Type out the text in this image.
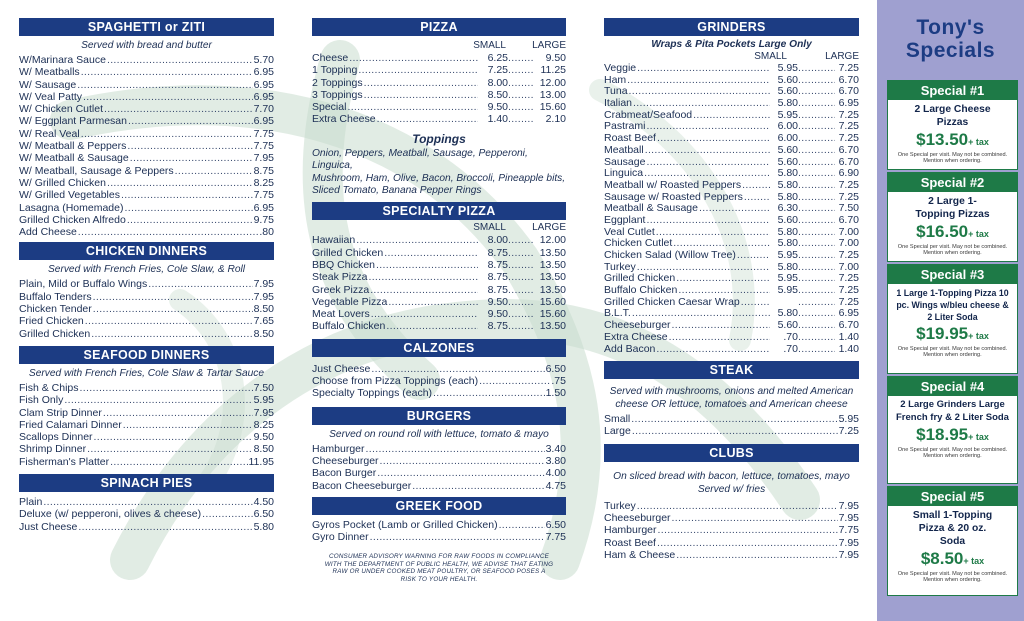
SPAGHETTI or ZITI
Served with bread and butter
W/Marinara Sauce . . .	5.70
W/ Meatballs . . .	6.95
W/ Sausage . . .	6.95
W/ Veal Patty . . .	6.95
W/ Chicken Cutlet . . .	7.70
W/ Eggplant Parmesan . . .	6.95
W/ Real Veal . . .	7.75
W/ Meatball & Peppers . . .	7.75
W/ Meatball & Sausage . . .	7.95
W/ Meatball, Sausage & Peppers . . .	8.75
W/ Grilled Chicken . . .	8.25
W/ Grilled Vegetables . . .	7.75
Lasagna (Homemade) . . .	6.95
Grilled Chicken Alfredo . . .	9.75
Add Cheese . . .	.80
CHICKEN DINNERS
Served with French Fries, Cole Slaw, & Roll
Plain, Mild or Buffalo Wings . . .	7.95
Buffalo Tenders . . .	7.95
Chicken Tender . . .	8.50
Fried Chicken . . .	7.65
Grilled Chicken . . .	8.50
SEAFOOD DINNERS
Served with French Fries, Cole Slaw & Tartar Sauce
Fish & Chips . . .	7.50
Fish Only . . .	5.95
Clam Strip Dinner . . .	7.95
Fried Calamari Dinner . . .	8.25
Scallops Dinner . . .	9.50
Shrimp Dinner . . .	8.50
Fisherman's Platter . . .	11.95
SPINACH PIES
Plain . . .	4.50
Deluxe (w/ pepperoni, olives & cheese) . . .	6.50
Just Cheese . . .	5.80
PIZZA
SMALL	LARGE
Cheese . . .	6.25 . . .	9.50
1 Topping . . .	7.25 . . .	11.25
2 Toppings . . .	8.00 . . .	12.00
3 Toppings . . .	8.50 . . .	13.00
Special . . .	9.50 . . .	15.60
Extra Cheese . . .	1.40 . . .	2.10
Toppings
Onion, Peppers, Meatball, Sausage, Pepperoni, Linguica,
Mushroom, Ham, Olive, Bacon, Broccoli, Pineapple bits,
Sliced Tomato, Banana Pepper Rings
SPECIALTY PIZZA
SMALL	LARGE
Hawaiian . . .	8.00 . . .	12.00
Grilled Chicken . . .	8.75 . . .	13.50
BBQ Chicken . . .	8.75 . . .	13.50
Steak Pizza . . .	8.75 . . .	13.50
Greek Pizza . . .	8.75 . . .	13.50
Vegetable Pizza . . .	9.50 . . .	15.60
Meat Lovers . . .	9.50 . . .	15.60
Buffalo Chicken . . .	8.75 . . .	13.50
CALZONES
Just Cheese . . .	6.50
Choose from Pizza Toppings (each) . . .	.75
Specialty Toppings (each) . . .	1.50
BURGERS
Served on round roll with lettuce, tomato & mayo
Hamburger . . .	3.40
Cheeseburger . . .	3.80
Bacon Burger . . .	4.00
Bacon Cheeseburger . . .	4.75
GREEK FOOD
Gyros Pocket (Lamb or Grilled Chicken) . . .	6.50
Gyro Dinner . . .	7.75
CONSUMER ADVISORY WARNING FOR RAW FOODS IN COMPLIANCE WITH THE DEPARTMENT OF PUBLIC HEALTH, WE ADVISE THAT EATING RAW OR UNDER COOKED MEAT POULTRY, OR SEAFOOD POSES A RISK TO YOUR HEALTH.
GRINDERS
Wraps & Pita Pockets Large Only
SMALL	LARGE
Veggie . . .	5.95 . . .	7.25
Ham . . .	5.60 . . .	6.70
Tuna . . .	5.60 . . .	6.70
Italian . . .	5.80 . . .	6.95
Crabmeat/Seafood . . .	5.95 . . .	7.25
Pastrami . . .	6.00 . . .	7.25
Roast Beef . . .	6.00 . . .	7.25
Meatball . . .	5.60 . . .	6.70
Sausage . . .	5.60 . . .	6.70
Linguica . . .	5.80 . . .	6.90
Meatball w/ Roasted Peppers . . .	5.80 . . .	7.25
Sausage w/ Roasted Peppers . . .	5.80 . . .	7.25
Meatball & Sausage . . .	6.30 . . .	7.50
Eggplant . . .	5.60 . . .	6.70
Veal Cutlet . . .	5.80 . . .	7.00
Chicken Cutlet . . .	5.80 . . .	7.00
Chicken Salad (Willow Tree) . . .	5.95 . . .	7.25
Turkey . . .	5.80 . . .	7.00
Grilled Chicken . . .	5.95 . . .	7.25
Buffalo Chicken . . .	5.95 . . .	7.25
Grilled Chicken Caesar Wrap . . . . . .	7.25
B.L.T. . . .	5.80 . . .	6.95
Cheeseburger . . .	5.60 . . .	6.70
Extra Cheese . . .	.70 . . .	1.40
Add Bacon . . .	.70 . . .	1.40
STEAK
Served with mushrooms, onions and melted American cheese OR lettuce, tomatoes and American cheese
Small . . .	5.95
Large . . .	7.25
CLUBS
On sliced bread with bacon, lettuce, tomatoes, mayo Served w/ fries
Turkey . . .	7.95
Cheeseburger . . .	7.95
Hamburger . . .	7.75
Roast Beef . . .	7.95
Ham & Cheese . . .	7.95
Tony's
Specials
Special #1
2 Large Cheese Pizzas
$13.50+ tax
One Special per visit. May not be combined. Mention when ordering.
Special #2
2 Large 1-Topping Pizzas
$16.50+ tax
One Special per visit. May not be combined. Mention when ordering.
Special #3
1 Large 1-Topping Pizza 10 pc. Wings w/bleu cheese & 2 Liter Soda
$19.95+ tax
One Special per visit. May not be combined. Mention when ordering.
Special #4
2 Large Grinders Large French fry & 2 Liter Soda
$18.95+ tax
One Special per visit. May not be combined. Mention when ordering.
Special #5
Small 1-Topping Pizza & 20 oz. Soda
$8.50+ tax
One Special per visit. May not be combined. Mention when ordering.
